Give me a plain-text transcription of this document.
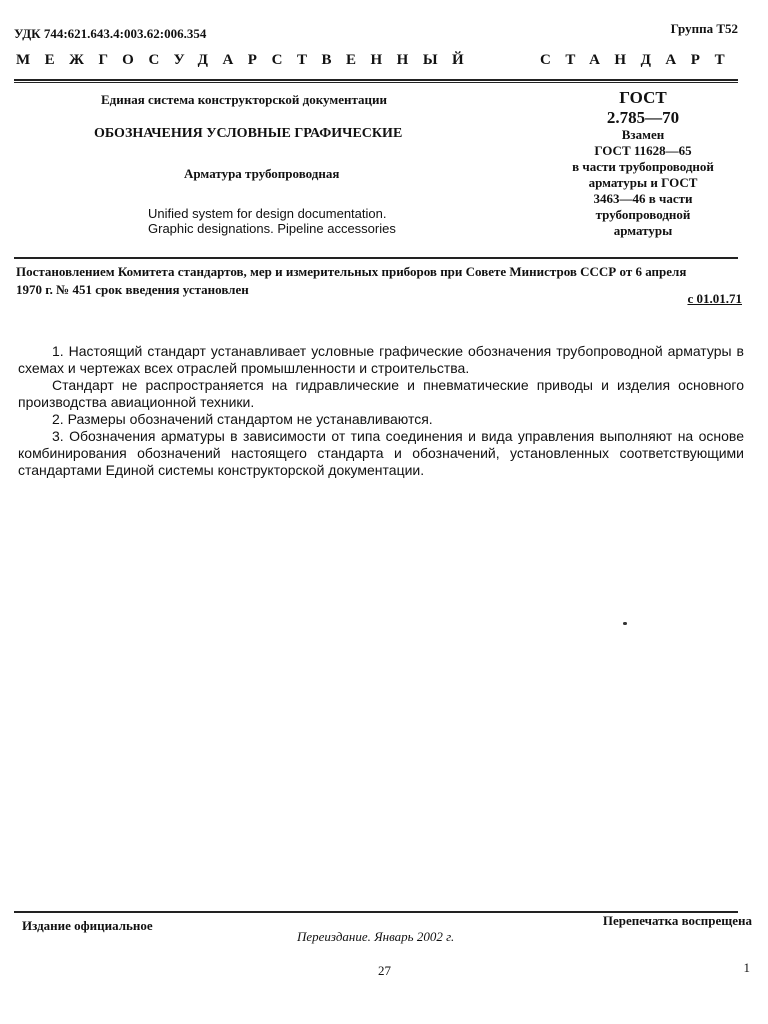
УДК 744:621.643.4:003.62:006.354	Группа Т52
МЕЖГОСУДАРСТВЕННЫЙ	СТАНДАРТ
Единая система конструкторской документации
ОБОЗНАЧЕНИЯ УСЛОВНЫЕ ГРАФИЧЕСКИЕ
Арматура трубопроводная
Unified system for design documentation.
Graphic designations. Pipeline accessories
ГОСТ
2.785—70
Взамен
ГОСТ 11628—65
в части трубопроводной
арматуры и ГОСТ
3463—46 в части
трубопроводной
арматуры
Постановлением Комитета стандартов, мер и измерительных приборов при Совете Министров СССР от 6 апреля
1970 г. № 451 срок введения установлен
с 01.01.71

1. Настоящий стандарт устанавливает условные графические обозначения трубопроводной арматуры в схемах и чертежах всех отраслей промышленности и строительства.

Стандарт не распространяется на гидравлические и пневматические приводы и изделия основного производства авиационной техники.

2. Размеры обозначений стандартом не устанавливаются.

3. Обозначения арматуры в зависимости от типа соединения и вида управления выполняют на основе комбинирования обозначений настоящего стандарта и обозначений, установленных соответствующими стандартами Единой системы конструкторской документации.

Издание официальное	Перепечатка воспрещена
Переиздание. Январь 2002 г.
27	1
